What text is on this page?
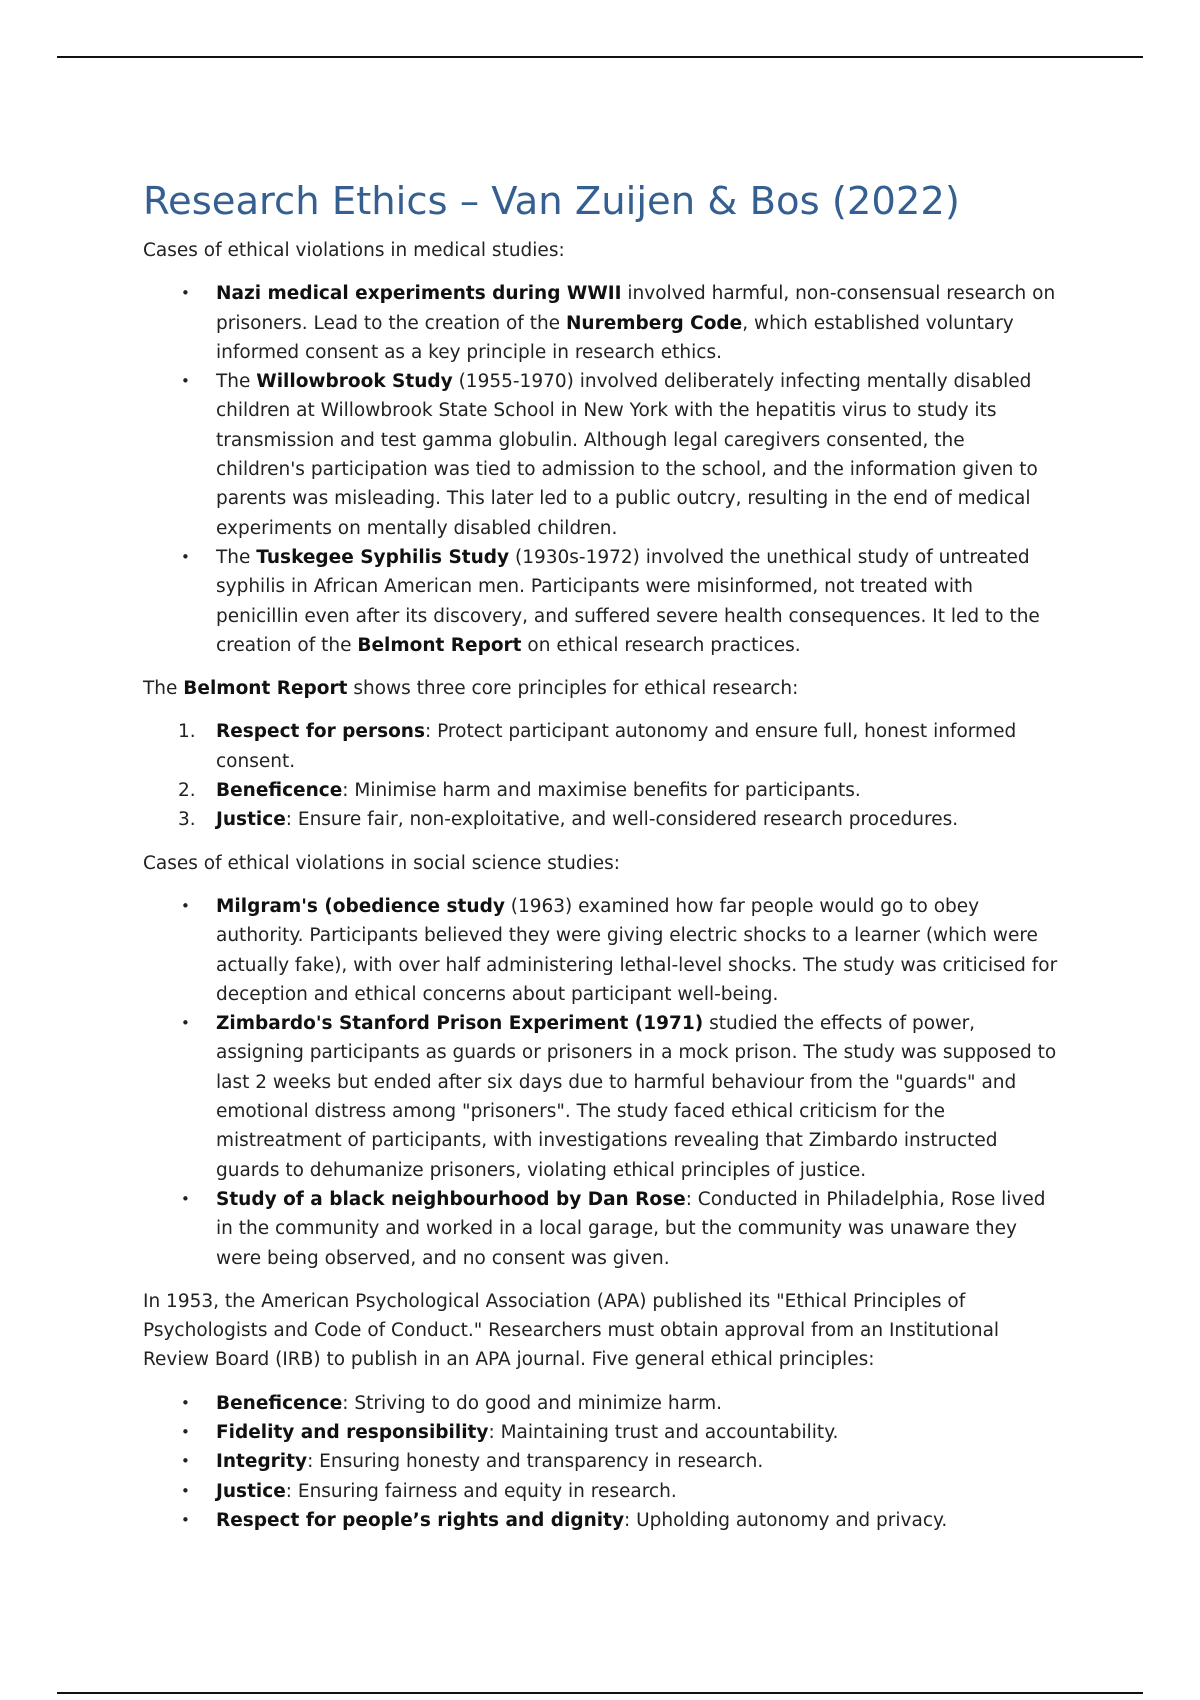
Research Ethics – Van Zuijen & Bos (2022)

Cases of ethical violations in medical studies:

•	Nazi medical experiments during WWII involved harmful, non-consensual research on prisoners. Lead to the creation of the Nuremberg Code, which established voluntary informed consent as a key principle in research ethics.
•	The Willowbrook Study (1955-1970) involved deliberately infecting mentally disabled children at Willowbrook State School in New York with the hepatitis virus to study its transmission and test gamma globulin. Although legal caregivers consented, the children's participation was tied to admission to the school, and the information given to parents was misleading. This later led to a public outcry, resulting in the end of medical experiments on mentally disabled children.
•	The Tuskegee Syphilis Study (1930s-1972) involved the unethical study of untreated syphilis in African American men. Participants were misinformed, not treated with penicillin even after its discovery, and suffered severe health consequences. It led to the creation of the Belmont Report on ethical research practices.

The Belmont Report shows three core principles for ethical research:

1.	Respect for persons: Protect participant autonomy and ensure full, honest informed consent.
2.	Beneficence: Minimise harm and maximise benefits for participants.
3.	Justice: Ensure fair, non-exploitative, and well-considered research procedures.

Cases of ethical violations in social science studies:

•	Milgram's (obedience study (1963) examined how far people would go to obey authority. Participants believed they were giving electric shocks to a learner (which were actually fake), with over half administering lethal-level shocks. The study was criticised for deception and ethical concerns about participant well-being.
•	Zimbardo's Stanford Prison Experiment (1971) studied the effects of power, assigning participants as guards or prisoners in a mock prison. The study was supposed to last 2 weeks but ended after six days due to harmful behaviour from the "guards" and emotional distress among "prisoners". The study faced ethical criticism for the mistreatment of participants, with investigations revealing that Zimbardo instructed guards to dehumanize prisoners, violating ethical principles of justice.
•	Study of a black neighbourhood by Dan Rose: Conducted in Philadelphia, Rose lived in the community and worked in a local garage, but the community was unaware they were being observed, and no consent was given.

In 1953, the American Psychological Association (APA) published its "Ethical Principles of Psychologists and Code of Conduct." Researchers must obtain approval from an Institutional Review Board (IRB) to publish in an APA journal. Five general ethical principles:

•	Beneficence: Striving to do good and minimize harm.
•	Fidelity and responsibility: Maintaining trust and accountability.
•	Integrity: Ensuring honesty and transparency in research.
•	Justice: Ensuring fairness and equity in research.
•	Respect for people’s rights and dignity: Upholding autonomy and privacy.
